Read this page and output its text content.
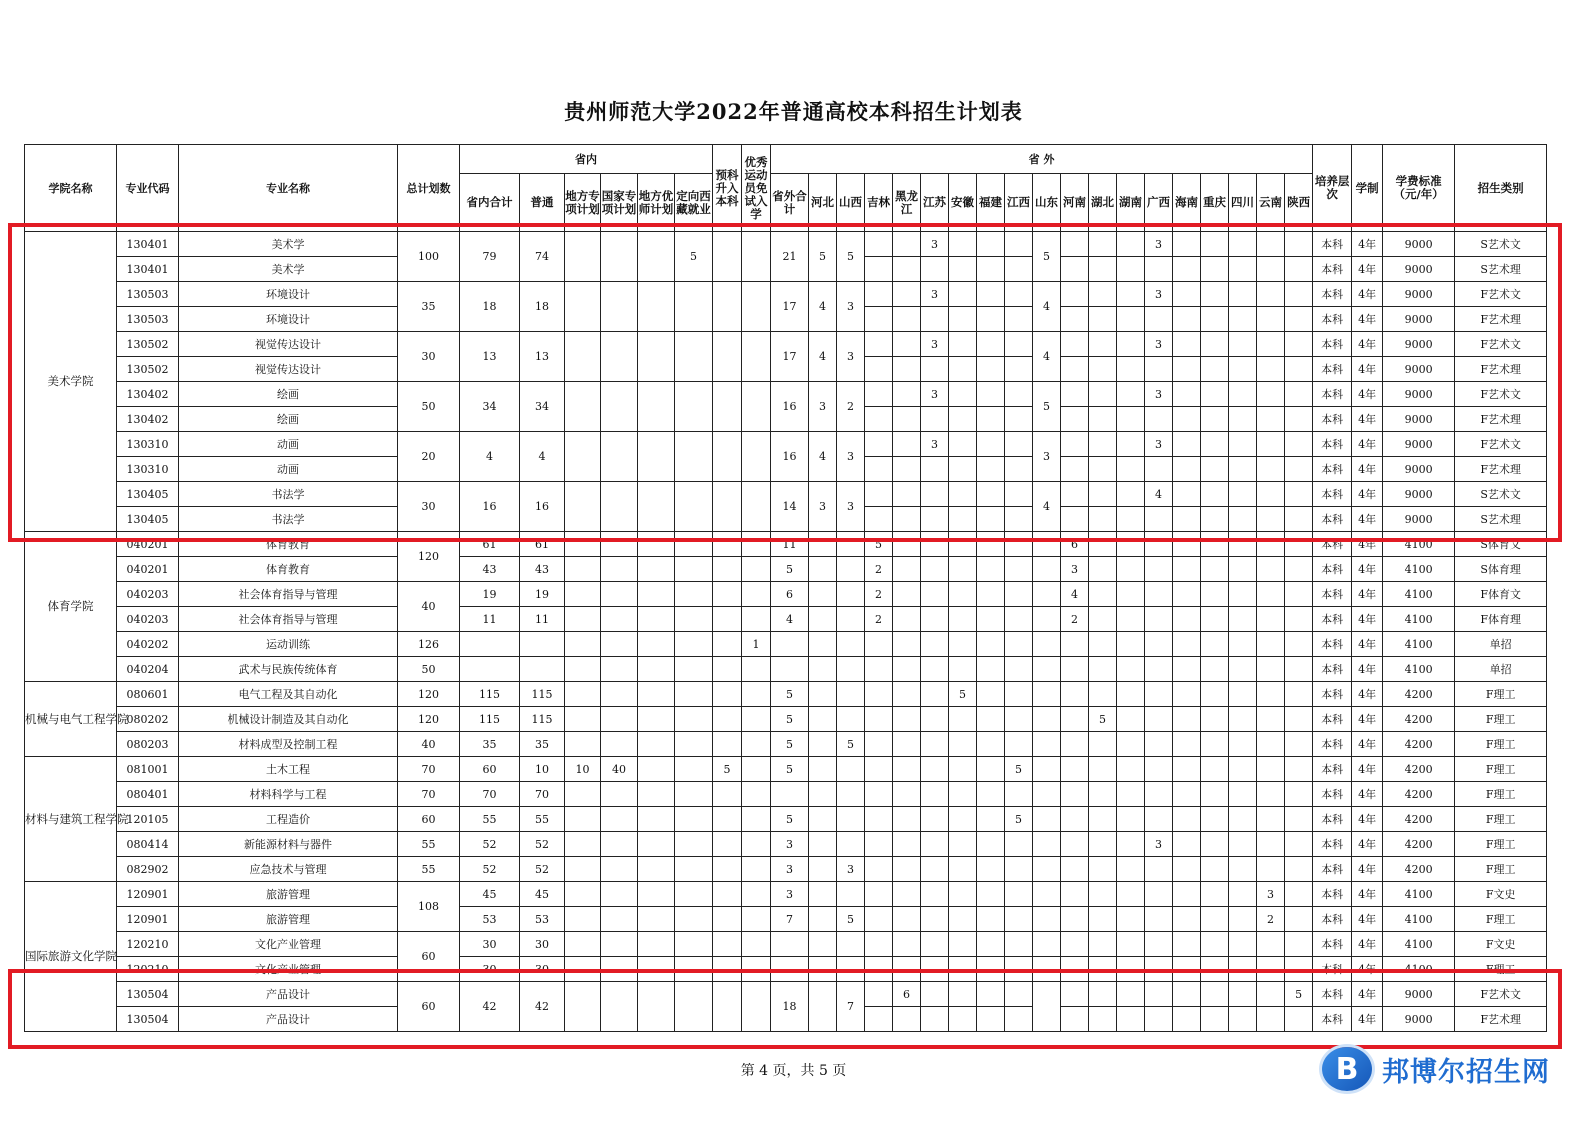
贵州师范大学2022年普通高校本科招生计划表
学院名称	专业代码	专业名称	总计划数	省内						预科升入本科	优秀运动员免试入学	省 外																			培养层次	学制	学费标准（元/年）	招生类别
				省内合计	普通	地方专项计划	国家专项计划	地方优师计划	定向西藏就业			省外合计	河北	山西	吉林	黑龙江	江苏	安徽	福建	江西	山东	河南	湖北	湖南	广西	海南	重庆	四川	云南	陕西				
美术学院	130401	美术学	100	79	74				5			21	5	5			3				5				3						本科	4年	9000	S艺术文
	130401	美术学																													本科	4年	9000	S艺术理
	130503	环境设计	35	18	18							17	4	3			3				4				3						本科	4年	9000	F艺术文
	130503	环境设计																													本科	4年	9000	F艺术理
	130502	视觉传达设计	30	13	13							17	4	3			3				4				3						本科	4年	9000	F艺术文
	130502	视觉传达设计																													本科	4年	9000	F艺术理
	130402	绘画	50	34	34							16	3	2			3				5				3						本科	4年	9000	F艺术文
	130402	绘画																													本科	4年	9000	F艺术理
	130310	动画	20	4	4							16	4	3			3				3				3						本科	4年	9000	F艺术文
	130310	动画																													本科	4年	9000	F艺术理
	130405	书法学	30	16	16							14	3	3							4				4						本科	4年	9000	S艺术文
	130405	书法学																													本科	4年	9000	S艺术理
体育学院	040201	体育教育	120	61	61							11			5							6									本科	4年	4100	S体育文
	040201	体育教育		43	43							5			2							3									本科	4年	4100	S体育理
	040203	社会体育指导与管理	40	19	19							6			2							4									本科	4年	4100	F体育文
	040203	社会体育指导与管理		11	11							4			2							2									本科	4年	4100	F体育理
	040202	运动训练	126								1																				本科	4年	4100	单招
	040204	武术与民族传统体育	50																												本科	4年	4100	单招
机械与电气工程学院	080601	电气工程及其自动化	120	115	115							5						5													本科	4年	4200	F理工
	080202	机械设计制造及其自动化	120	115	115							5											5								本科	4年	4200	F理工
	080203	材料成型及控制工程	40	35	35							5		5																	本科	4年	4200	F理工
材料与建筑工程学院	081001	土木工程	70	60	10	10	40			5		5								5											本科	4年	4200	F理工
	080401	材料科学与工程	70	70	70																										本科	4年	4200	F理工
	120105	工程造价	60	55	55							5								5											本科	4年	4200	F理工
	080414	新能源材料与器件	55	52	52							3													3						本科	4年	4200	F理工
	082902	应急技术与管理	55	52	52							3		3																	本科	4年	4200	F理工
国际旅游文化学院	120901	旅游管理	108	45	45							3																	3		本科	4年	4100	F文史
	120901	旅游管理		53	53							7		5															2		本科	4年	4100	F理工
	120210	文化产业管理	60	30	30																										本科	4年	4100	F文史
	120210	文化产业管理		30	30																										本科	4年	4100	F理工
	130504	产品设计	60	42	42							18		7		6														5	本科	4年	9000	F艺术文
	130504	产品设计																													本科	4年	9000	F艺术理
第 4 页，共 5 页	B 邦博尔招生网
